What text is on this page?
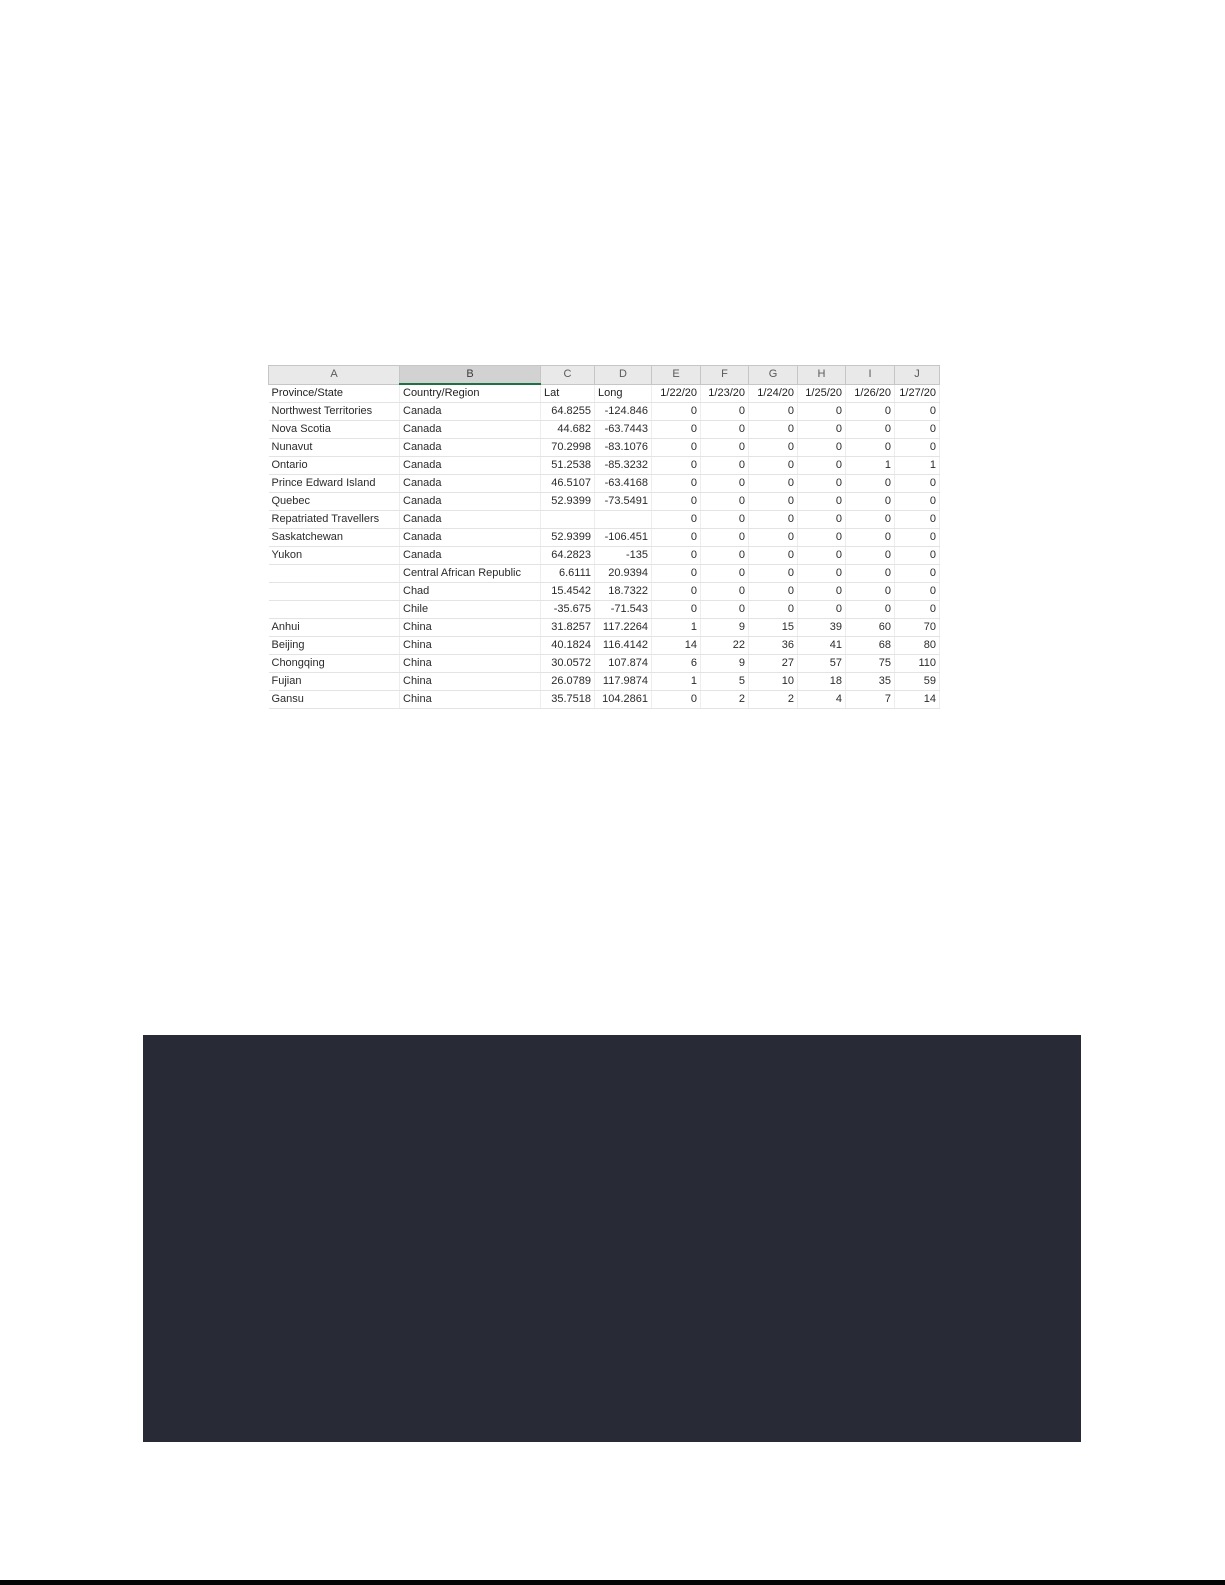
A	B	C	D	E	F	G	H	I	J
Province/State	Country/Region	Lat	Long	1/22/20	1/23/20	1/24/20	1/25/20	1/26/20	1/27/20
Northwest Territories	Canada	64.8255	-124.846	0	0	0	0	0	0
Nova Scotia	Canada	44.682	-63.7443	0	0	0	0	0	0
Nunavut	Canada	70.2998	-83.1076	0	0	0	0	0	0
Ontario	Canada	51.2538	-85.3232	0	0	0	0	1	1
Prince Edward Island	Canada	46.5107	-63.4168	0	0	0	0	0	0
Quebec	Canada	52.9399	-73.5491	0	0	0	0	0	0
Repatriated Travellers	Canada			0	0	0	0	0	0
Saskatchewan	Canada	52.9399	-106.451	0	0	0	0	0	0
Yukon	Canada	64.2823	-135	0	0	0	0	0	0
	Central African Republic	6.6111	20.9394	0	0	0	0	0	0
	Chad	15.4542	18.7322	0	0	0	0	0	0
	Chile	-35.675	-71.543	0	0	0	0	0	0
Anhui	China	31.8257	117.2264	1	9	15	39	60	70
Beijing	China	40.1824	116.4142	14	22	36	41	68	80
Chongqing	China	30.0572	107.874	6	9	27	57	75	110
Fujian	China	26.0789	117.9874	1	5	10	18	35	59
Gansu	China	35.7518	104.2861	0	2	2	4	7	14
